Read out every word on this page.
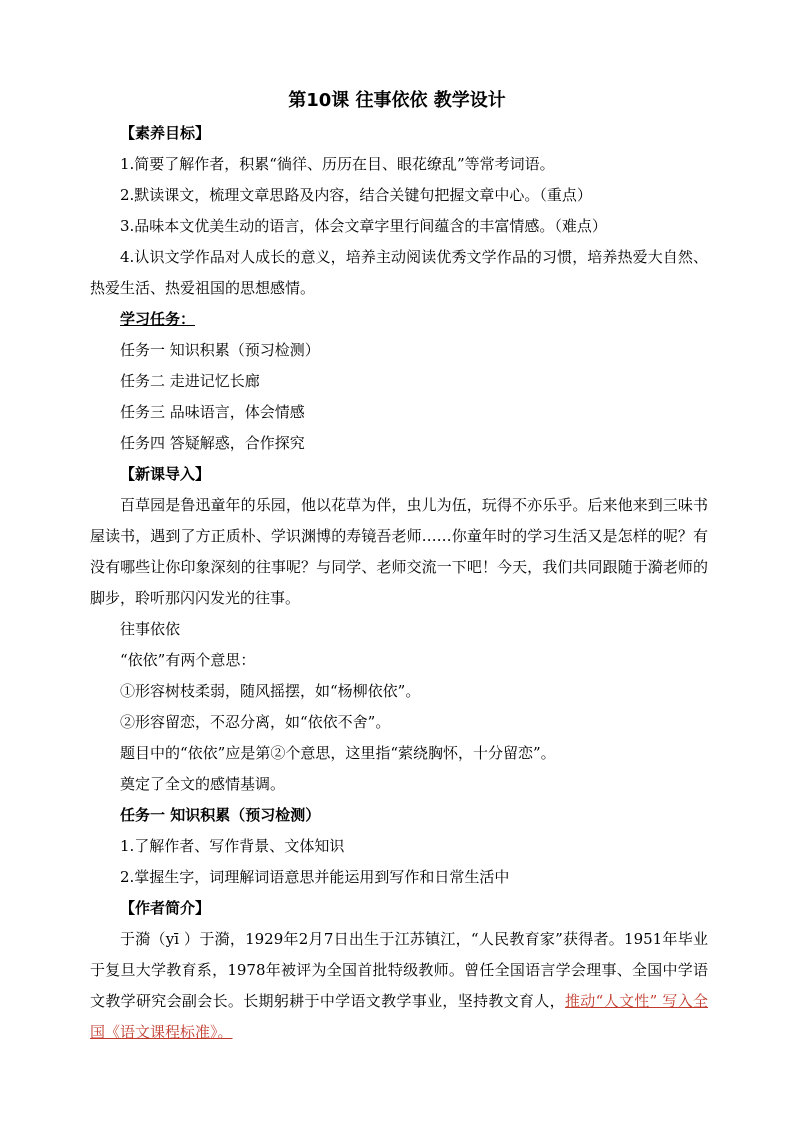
第10课 往事依依 教学设计

【素养目标】

1.简要了解作者，积累“徜徉、历历在目、眼花缭乱”等常考词语。

2.默读课文，梳理文章思路及内容，结合关键句把握文章中心。（重点）

3.品味本文优美生动的语言，体会文章字里行间蕴含的丰富情感。（难点）

4.认识文学作品对人成长的意义，培养主动阅读优秀文学作品的习惯，培养热爱大自然、热爱生活、热爱祖国的思想感情。

学习任务：

任务一 知识积累（预习检测）

任务二 走进记忆长廊

任务三 品味语言，体会情感

任务四 答疑解惑，合作探究

【新课导入】

百草园是鲁迅童年的乐园，他以花草为伴，虫儿为伍，玩得不亦乐乎。后来他来到三味书屋读书，遇到了方正质朴、学识渊博的寿镜吾老师……你童年时的学习生活又是怎样的呢？有没有哪些让你印象深刻的往事呢？与同学、老师交流一下吧！今天，我们共同跟随于漪老师的脚步，聆听那闪闪发光的往事。

往事依依

“依依”有两个意思：

①形容树枝柔弱，随风摇摆，如“杨柳依依”。

②形容留恋，不忍分离，如“依依不舍”。

题目中的“依依”应是第②个意思，这里指“萦绕胸怀，十分留恋”。

奠定了全文的感情基调。

任务一 知识积累（预习检测）

1.了解作者、写作背景、文体知识

2.掌握生字，词理解词语意思并能运用到写作和日常生活中

【作者简介】

于漪（yī ）于漪，1929年2月7日出生于江苏镇江，“人民教育家”获得者。1951年毕业于复旦大学教育系，1978年被评为全国首批特级教师。曾任全国语言学会理事、全国中学语文教学研究会副会长。长期躬耕于中学语文教学事业，坚持教文育人，推动“人文性” 写入全国《语文课程标准》。
